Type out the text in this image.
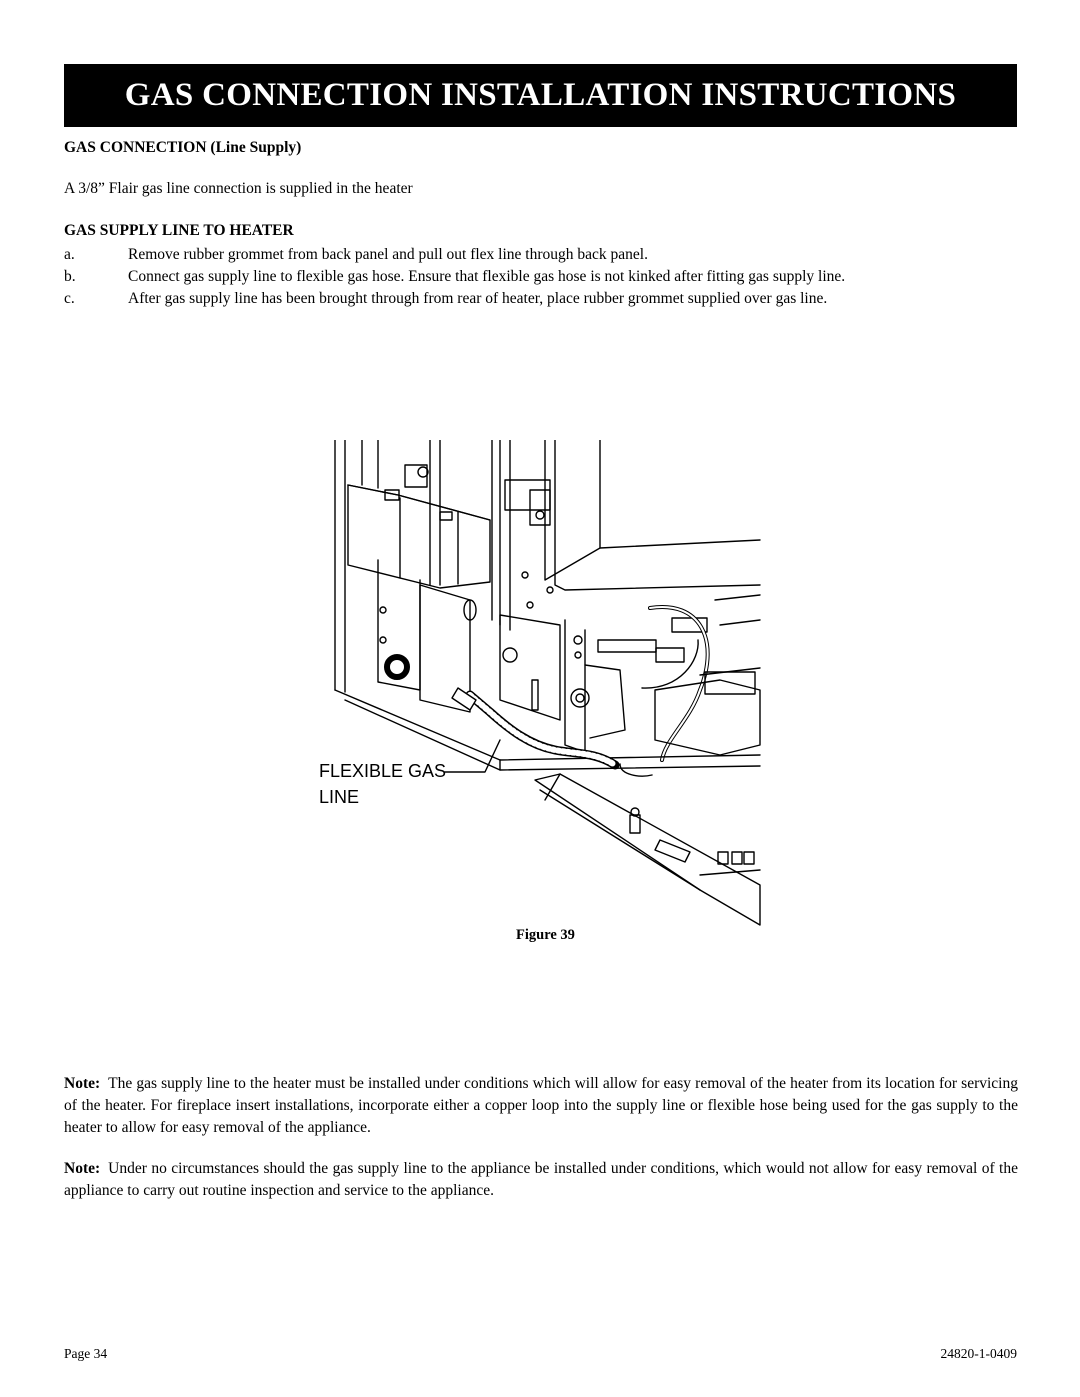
GAS CONNECTION INSTALLATION INSTRUCTIONS
GAS CONNECTION (Line Supply)
A 3/8” Flair gas line connection is supplied in the heater
GAS SUPPLY LINE TO HEATER
a.	Remove rubber grommet from back panel and pull out flex line through back panel.
b.	Connect gas supply line to flexible gas hose. Ensure that flexible gas hose is not kinked after fitting gas supply line.
c.	After gas supply line has been brought through from rear of heater, place rubber grommet supplied over gas line.
FLEXIBLE GAS
LINE
Figure 39
Note: The gas supply line to the heater must be installed under conditions which will allow for easy removal of the heater from its location for servicing of the heater. For fireplace insert installations, incorporate either a copper loop into the supply line or flexible hose being used for the gas supply to the heater to allow for easy removal of the appliance.
Note: Under no circumstances should the gas supply line to the appliance be installed under conditions, which would not allow for easy removal of the appliance to carry out routine inspection and service to the appliance.
Page 34	24820-1-0409
